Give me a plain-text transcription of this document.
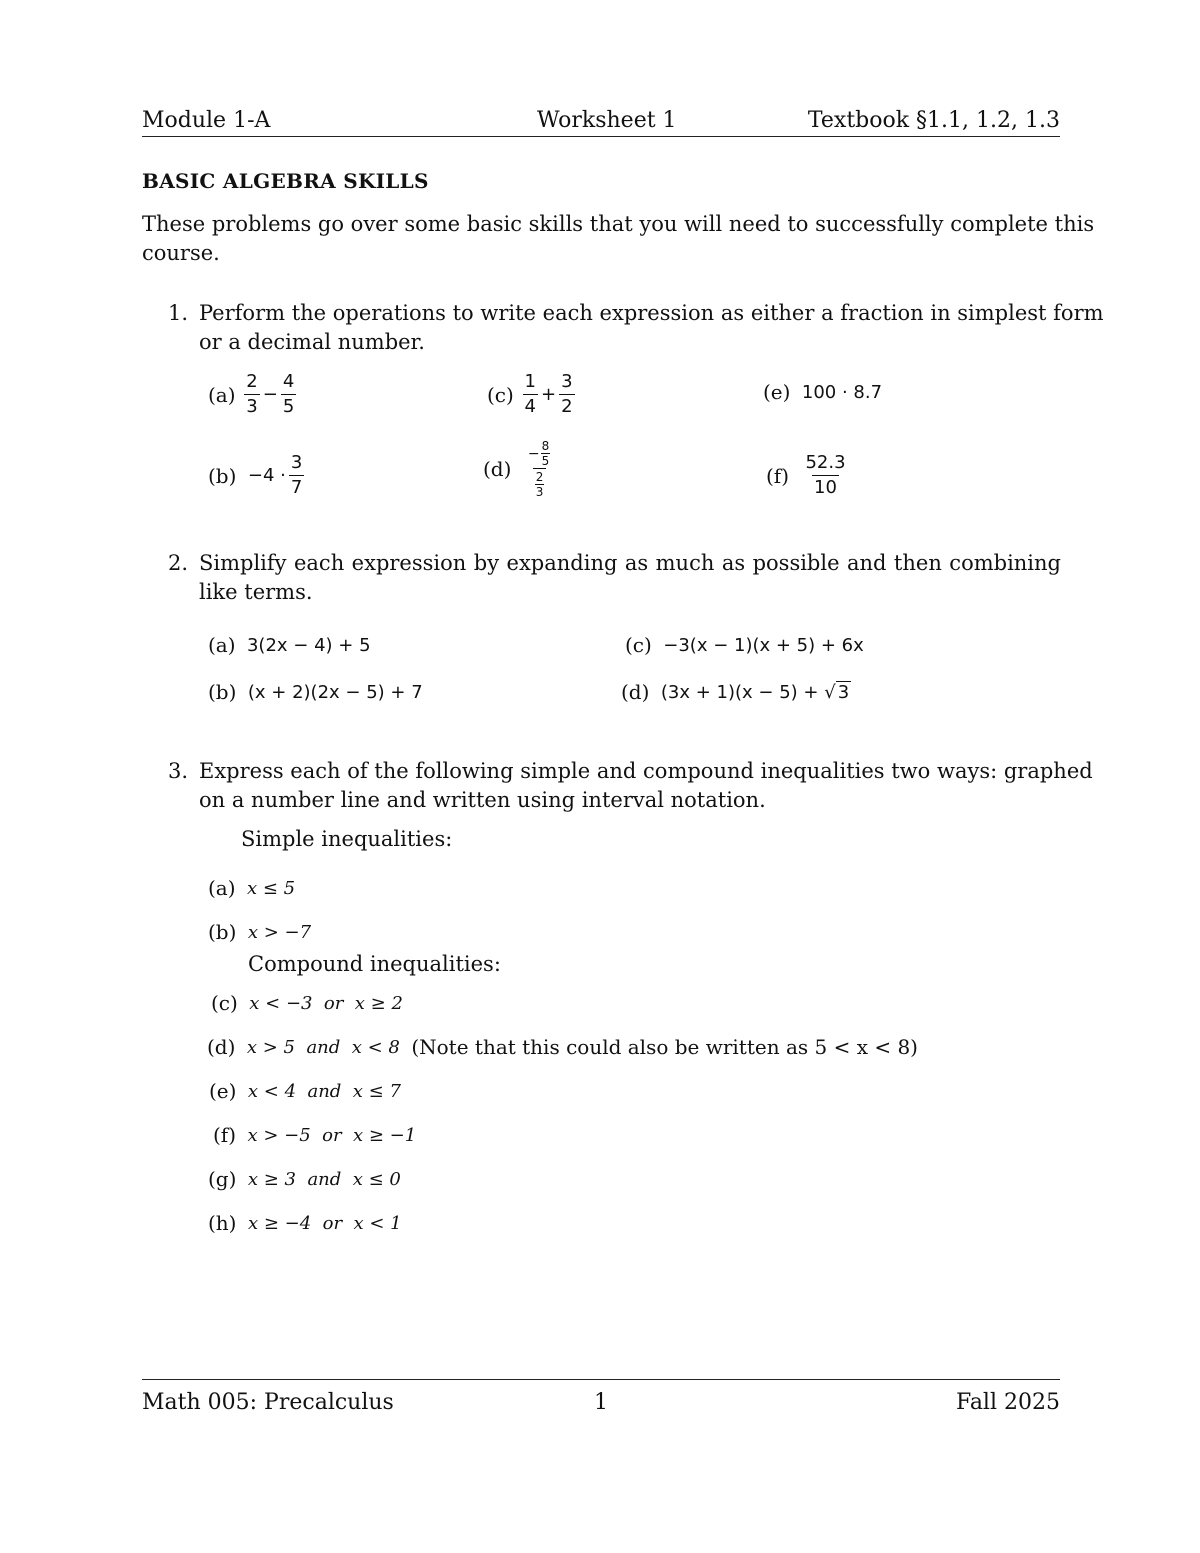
Module 1-A	Worksheet 1	Textbook §1.1, 1.2, 1.3
BASIC ALGEBRA SKILLS
These problems go over some basic skills that you will need to successfully complete this
course.
1. Perform the operations to write each expression as either a fraction in simplest form
or a decimal number.
(a)
$\frac{2}{3} - \frac{4}{5}$
(b)
$-4 \cdot \frac{3}{7}$
(c)
$\frac{1}{4} + \frac{3}{2}$
(d)
$\frac{- \frac{8}{5}}{\frac{2}{3}}$
(e)
100 · 8.7
(f)
$\frac{52.3}{10}$
2. Simplify each expression by expanding as much as possible and then combining
like terms.
(a)
3(2x − 4) + 5
(b)
(x + 2)(2x − 5) + 7
(c)
−3(x − 1)(x + 5) + 6x
(d)
(3x + 1)(x − 5) +
√ 3
3. Express each of the following simple and compound inequalities two ways: graphed
on a number line and written using interval notation.
Simple inequalities:
(a)
x ≤ 5
(b)
x > −7
Compound inequalities:
(c)
x < −3  or  x ≥ 2
(d)
x > 5  and  x < 8
(Note that this could also be written as 5 < x < 8)
(e)
x < 4  and  x ≤ 7
(f)
x > −5  or  x ≥ −1
(g)
x ≥ 3  and  x ≤ 0
(h)
x ≥ −4  or  x < 1
Math 005: Precalculus	1	Fall 2025
